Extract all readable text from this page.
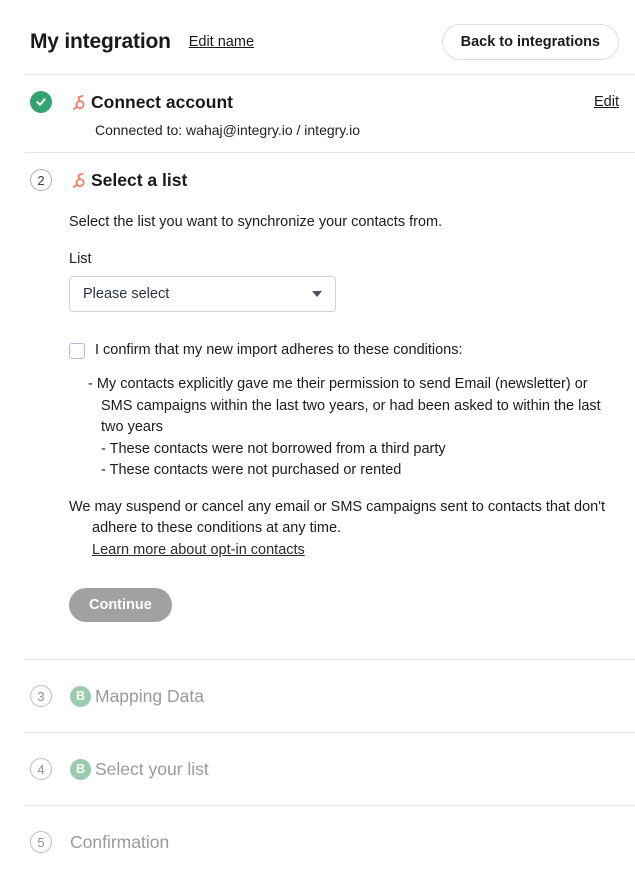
My integration Edit name	Back to integrations
Connect account	Edit
Connected to: wahaj@integry.io / integry.io
2	Select a list
Select the list you want to synchronize your contacts from.
List
Please select
I confirm that my new import adheres to these conditions:
- My contacts explicitly gave me their permission to send Email (newsletter) or SMS campaigns within the last two years, or had been asked to within the last two years
- These contacts were not borrowed from a third party
- These contacts were not purchased or rented
We may suspend or cancel any email or SMS campaigns sent to contacts that don't adhere to these conditions at any time.
Learn more about opt-in contacts
Continue
3	B Mapping Data
4	B Select your list
5	Confirmation
